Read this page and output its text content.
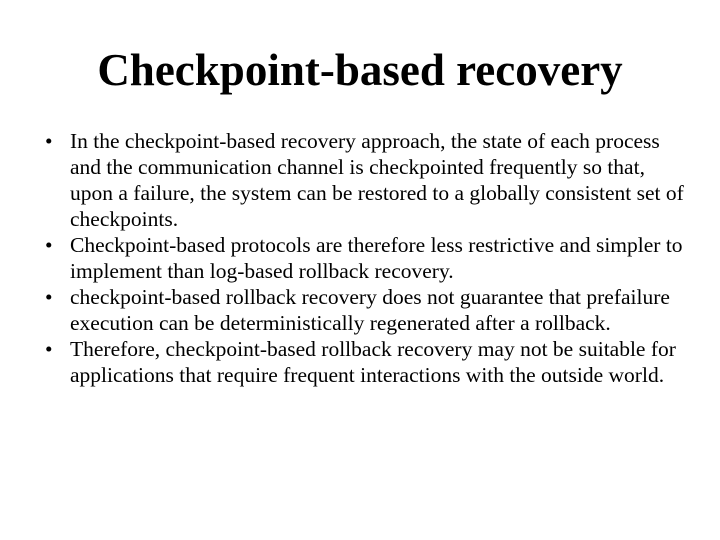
Checkpoint-based recovery
• In the checkpoint-based recovery approach, the state of each process and the communication channel is checkpointed frequently so that, upon a failure, the system can be restored to a globally consistent set of checkpoints.
• Checkpoint-based protocols are therefore less restrictive and simpler to implement than log-based rollback recovery.
• checkpoint-based rollback recovery does not guarantee that prefailure execution can be deterministically regenerated after a rollback.
• Therefore, checkpoint-based rollback recovery may not be suitable for applications that require frequent interactions with the outside world.
